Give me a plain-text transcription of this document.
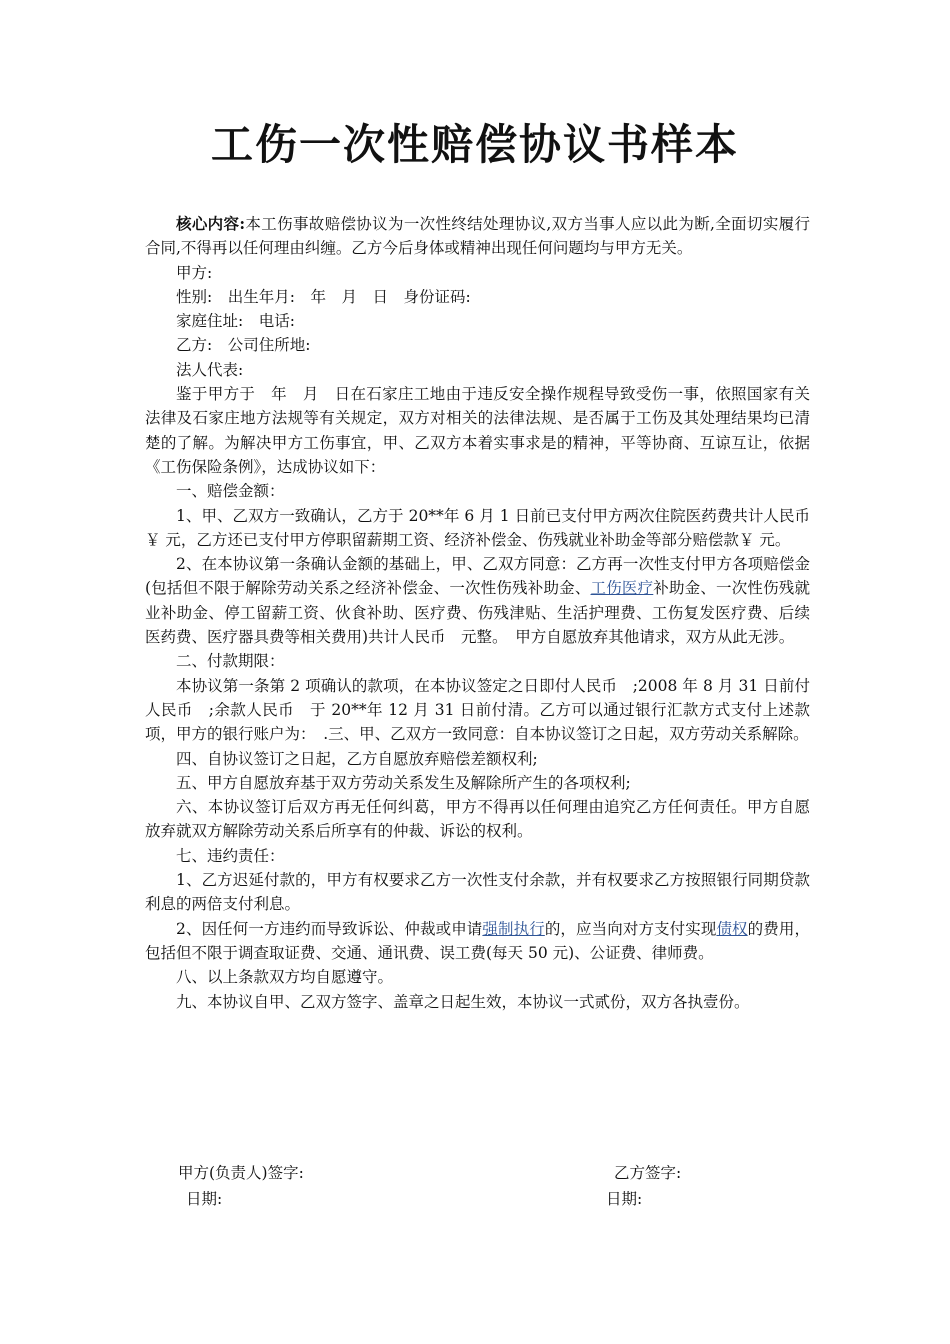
工伤一次性赔偿协议书样本

核心内容:本工伤事故赔偿协议为一次性终结处理协议,双方当事人应以此为断,全面切实履行合同,不得再以任何理由纠缠。乙方今后身体或精神出现任何问题均与甲方无关。

甲方:

性别:　出生年月:　年　月　日　身份证码:

家庭住址:　电话:

乙方:　公司住所地:

法人代表:

鉴于甲方于　年　月　日在石家庄工地由于违反安全操作规程导致受伤一事，依照国家有关法律及石家庄地方法规等有关规定，双方对相关的法律法规、是否属于工伤及其处理结果均已清楚的了解。为解决甲方工伤事宜，甲、乙双方本着实事求是的精神，平等协商、互谅互让，依据《工伤保险条例》，达成协议如下：

一、赔偿金额：

1、甲、乙双方一致确认，乙方于 20**年 6 月 1 日前已支付甲方两次住院医药费共计人民币￥ 元，乙方还已支付甲方停职留薪期工资、经济补偿金、伤残就业补助金等部分赔偿款￥ 元。

2、在本协议第一条确认金额的基础上，甲、乙双方同意：乙方再一次性支付甲方各项赔偿金(包括但不限于解除劳动关系之经济补偿金、一次性伤残补助金、工伤医疗补助金、一次性伤残就业补助金、停工留薪工资、伙食补助、医疗费、伤残津贴、生活护理费、工伤复发医疗费、后续医药费、医疗器具费等相关费用)共计人民币　元整。　甲方自愿放弃其他请求，双方从此无涉。

二、付款期限：

本协议第一条第 2 项确认的款项，在本协议签定之日即付人民币　;2008 年 8 月 31 日前付人民币　;余款人民币　于 20**年 12 月 31 日前付清。乙方可以通过银行汇款方式支付上述款项，甲方的银行账户为：　.三、甲、乙双方一致同意：自本协议签订之日起，双方劳动关系解除。

四、自协议签订之日起，乙方自愿放弃赔偿差额权利;

五、甲方自愿放弃基于双方劳动关系发生及解除所产生的各项权利;

六、本协议签订后双方再无任何纠葛，甲方不得再以任何理由追究乙方任何责任。甲方自愿放弃就双方解除劳动关系后所享有的仲裁、诉讼的权利。

七、违约责任：

1、乙方迟延付款的，甲方有权要求乙方一次性支付余款，并有权要求乙方按照银行同期贷款利息的两倍支付利息。

2、因任何一方违约而导致诉讼、仲裁或申请强制执行的，应当向对方支付实现债权的费用，包括但不限于调查取证费、交通、通讯费、误工费(每天 50 元)、公证费、律师费。

八、以上条款双方均自愿遵守。

九、本协议自甲、乙双方签字、盖章之日起生效，本协议一式贰份，双方各执壹份。

甲方(负责人)签字:
日期:
乙方签字:
日期:
